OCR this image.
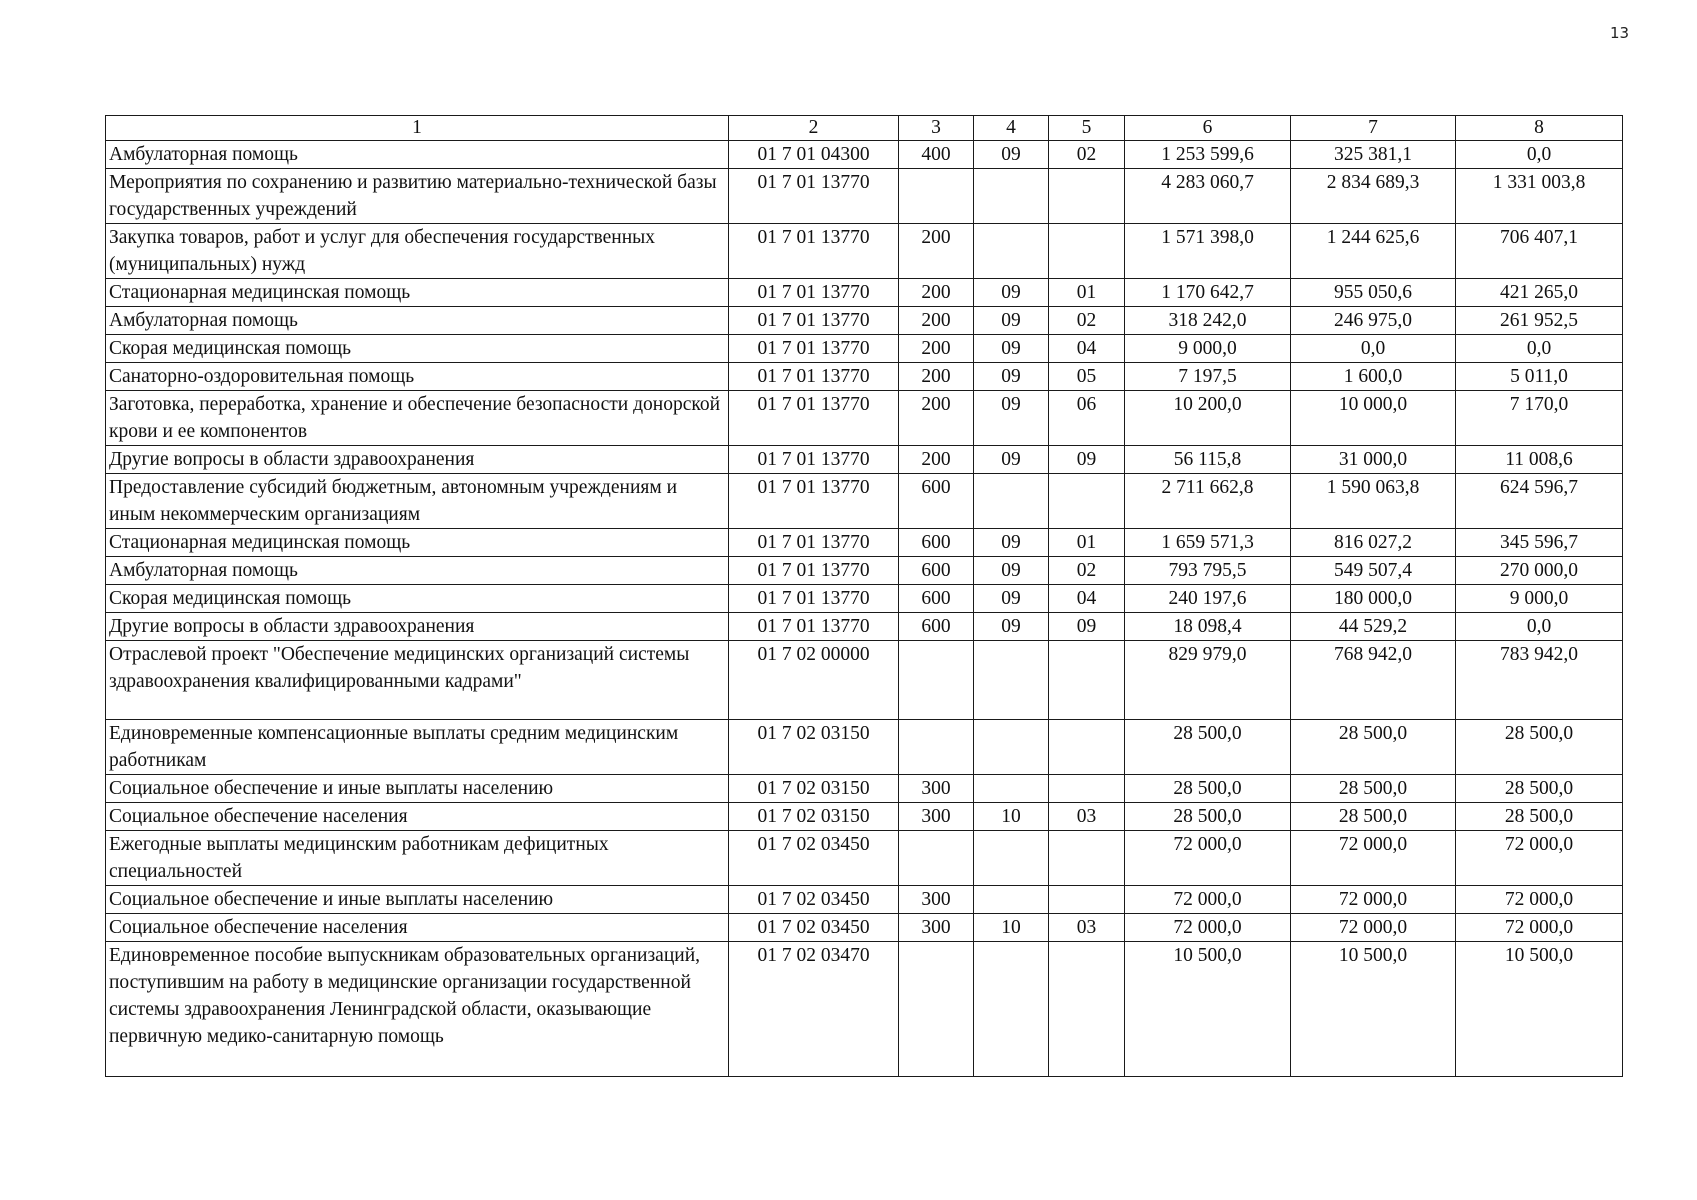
13
1	2	3	4	5	6	7	8
Амбулаторная помощь	01 7 01 04300	400	09	02	1 253 599,6	325 381,1	0,0
Мероприятия по сохранению и развитию материально-технической базы государственных учреждений	01 7 01 13770				4 283 060,7	2 834 689,3	1 331 003,8
Закупка товаров, работ и услуг для обеспечения государственных (муниципальных) нужд	01 7 01 13770	200			1 571 398,0	1 244 625,6	706 407,1
Стационарная медицинская помощь	01 7 01 13770	200	09	01	1 170 642,7	955 050,6	421 265,0
Амбулаторная помощь	01 7 01 13770	200	09	02	318 242,0	246 975,0	261 952,5
Скорая медицинская помощь	01 7 01 13770	200	09	04	9 000,0	0,0	0,0
Санаторно-оздоровительная помощь	01 7 01 13770	200	09	05	7 197,5	1 600,0	5 011,0
Заготовка, переработка, хранение и обеспечение безопасности донорской крови и ее компонентов	01 7 01 13770	200	09	06	10 200,0	10 000,0	7 170,0
Другие вопросы в области здравоохранения	01 7 01 13770	200	09	09	56 115,8	31 000,0	11 008,6
Предоставление субсидий бюджетным, автономным учреждениям и иным некоммерческим организациям	01 7 01 13770	600			2 711 662,8	1 590 063,8	624 596,7
Стационарная медицинская помощь	01 7 01 13770	600	09	01	1 659 571,3	816 027,2	345 596,7
Амбулаторная помощь	01 7 01 13770	600	09	02	793 795,5	549 507,4	270 000,0
Скорая медицинская помощь	01 7 01 13770	600	09	04	240 197,6	180 000,0	9 000,0
Другие вопросы в области здравоохранения	01 7 01 13770	600	09	09	18 098,4	44 529,2	0,0
Отраслевой проект "Обеспечение медицинских организаций системы здравоохранения квалифицированными кадрами"	01 7 02 00000				829 979,0	768 942,0	783 942,0
Единовременные компенсационные выплаты средним медицинским работникам	01 7 02 03150				28 500,0	28 500,0	28 500,0
Социальное обеспечение и иные выплаты населению	01 7 02 03150	300			28 500,0	28 500,0	28 500,0
Социальное обеспечение населения	01 7 02 03150	300	10	03	28 500,0	28 500,0	28 500,0
Ежегодные выплаты медицинским работникам дефицитных специальностей	01 7 02 03450				72 000,0	72 000,0	72 000,0
Социальное обеспечение и иные выплаты населению	01 7 02 03450	300			72 000,0	72 000,0	72 000,0
Социальное обеспечение населения	01 7 02 03450	300	10	03	72 000,0	72 000,0	72 000,0
Единовременное пособие выпускникам образовательных организаций, поступившим на работу в медицинские организации государственной системы здравоохранения Ленинградской области, оказывающие первичную медико-санитарную помощь	01 7 02 03470				10 500,0	10 500,0	10 500,0
